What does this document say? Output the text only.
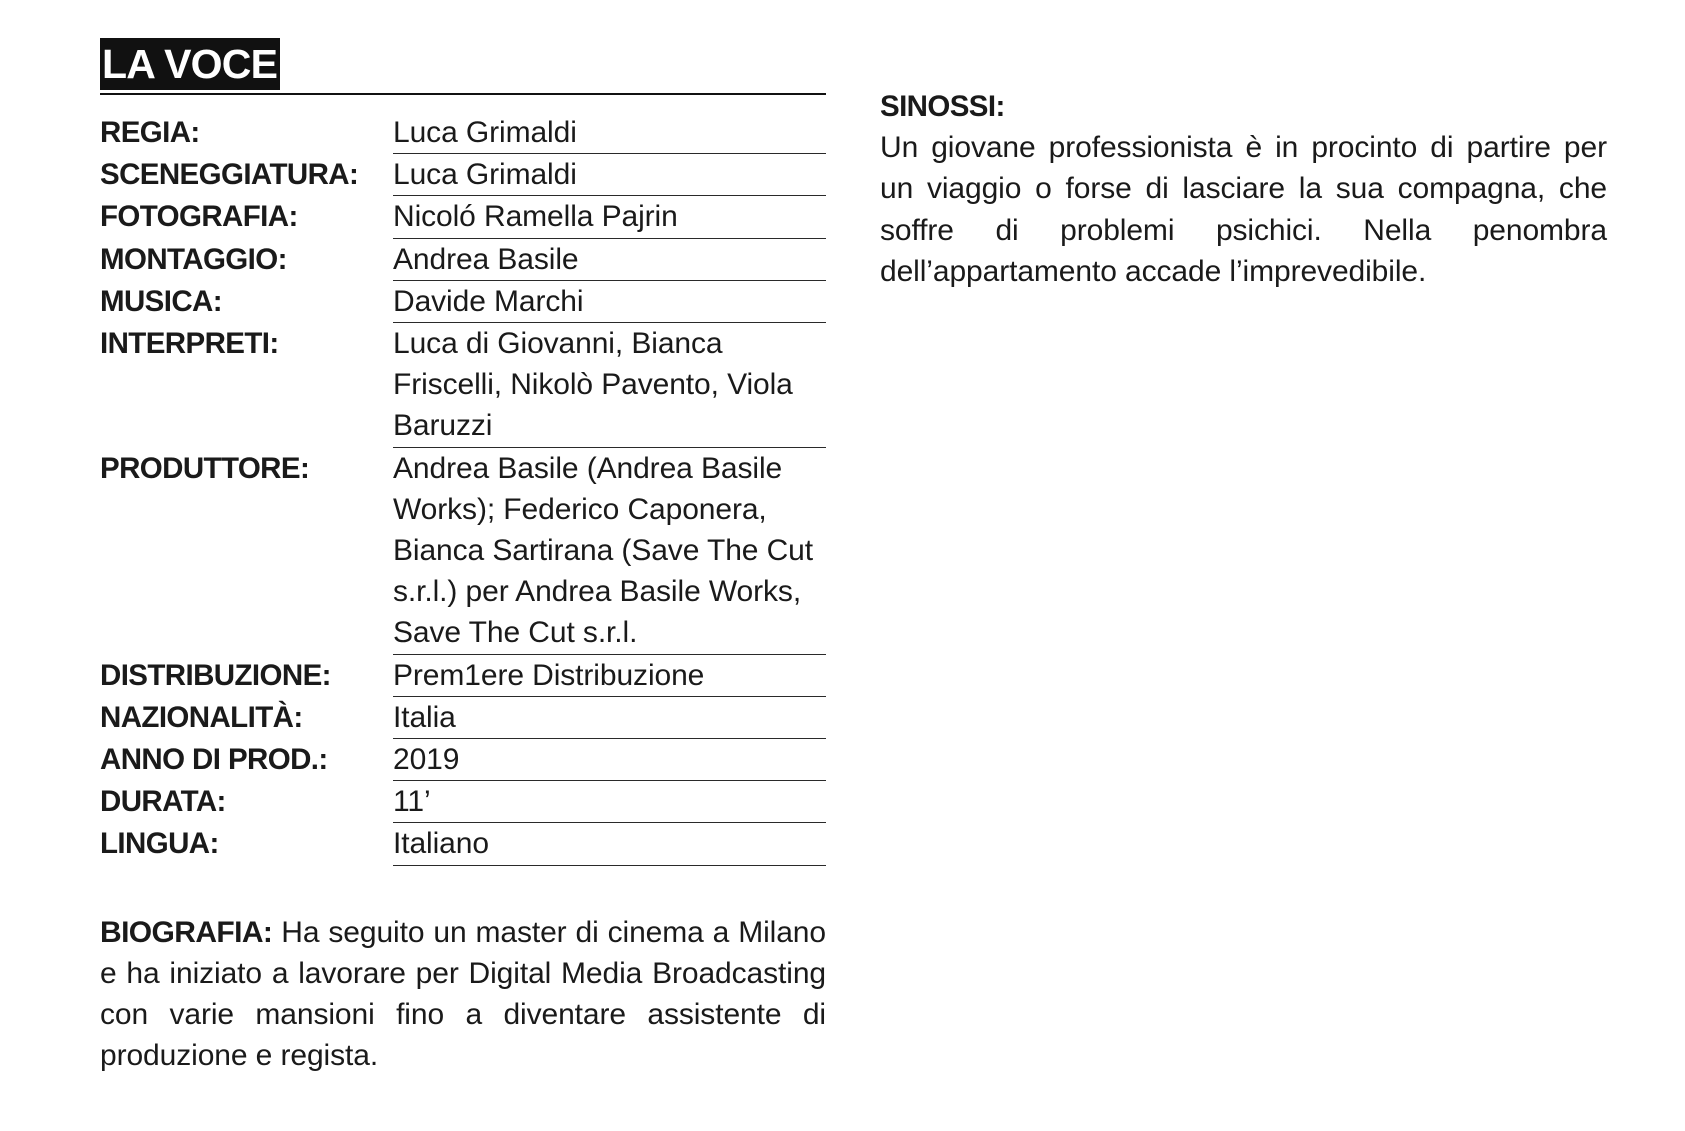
LA VOCE
REGIA:	Luca Grimaldi
SCENEGGIATURA:	Luca Grimaldi
FOTOGRAFIA:	Nicoló Ramella Pajrin
MONTAGGIO:	Andrea Basile
MUSICA:	Davide Marchi
INTERPRETI:	Luca di Giovanni, Bianca Friscelli, Nikolò Pavento, Viola Baruzzi
PRODUTTORE:	Andrea Basile (Andrea Basile Works); Federico Caponera, Bianca Sartirana (Save The Cut s.r.l.) per Andrea Basile Works, Save The Cut s.r.l.
DISTRIBUZIONE:	Prem1ere Distribuzione
NAZIONALITÀ:	Italia
ANNO DI PROD.:	2019
DURATA:	11’
LINGUA:	Italiano
BIOGRAFIA: Ha seguito un master di cinema a Milano e ha iniziato a lavorare per Digital Media Broadcasting con varie mansioni fino a diventare assistente di produzione e regista.
SINOSSI:
Un giovane professionista è in procinto di partire per un viaggio o forse di lasciare la sua compagna, che soffre di problemi psichici. Nella penombra dell’appartamento accade l’imprevedibile.
